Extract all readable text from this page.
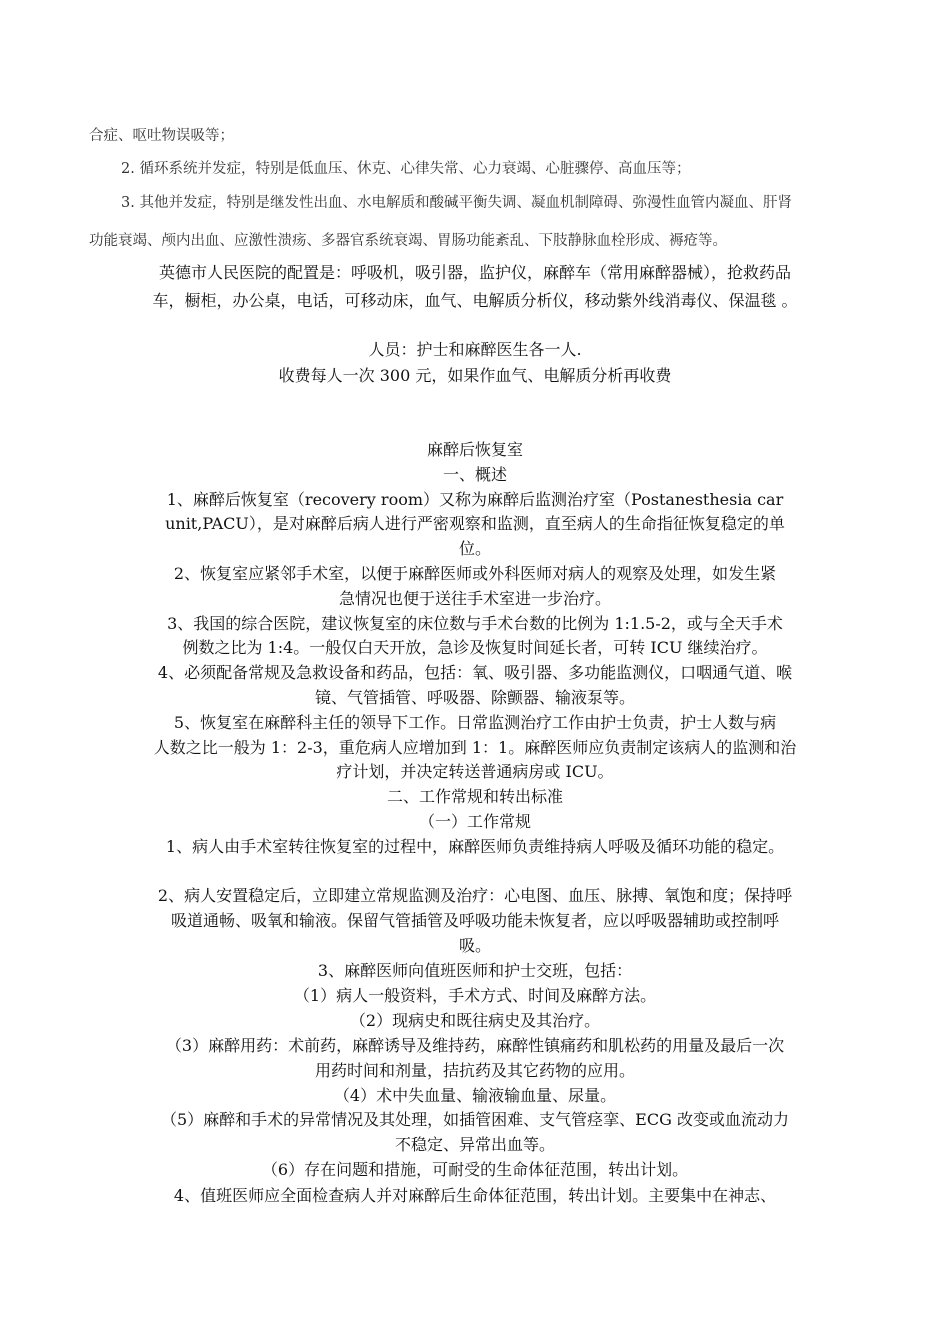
合症、呕吐物误吸等；
2. 循环系统并发症，特别是低血压、休克、心律失常、心力衰竭、心脏骤停、高血压等；
3. 其他并发症，特别是继发性出血、水电解质和酸碱平衡失调、凝血机制障碍、弥漫性血管内凝血、肝肾
功能衰竭、颅内出血、应激性溃疡、多器官系统衰竭、胃肠功能紊乱、下肢静脉血栓形成、褥疮等。
英德市人民医院的配置是：呼吸机，吸引器，监护仪，麻醉车（常用麻醉器械），抢救药品
车，橱柜，办公桌，电话，可移动床，血气、电解质分析仪，移动紫外线消毒仪、保温毯 。
人员：护士和麻醉医生各一人.
收费每人一次 300 元，如果作血气、电解质分析再收费
麻醉后恢复室
一、概述
1、麻醉后恢复室（recovery room）又称为麻醉后监测治疗室（Postanesthesia car
unit,PACU），是对麻醉后病人进行严密观察和监测，直至病人的生命指征恢复稳定的单
位。
2、恢复室应紧邻手术室，以便于麻醉医师或外科医师对病人的观察及处理，如发生紧
急情况也便于送往手术室进一步治疗。
3、我国的综合医院，建议恢复室的床位数与手术台数的比例为 1:1.5-2，或与全天手术
例数之比为 1:4。一般仅白天开放，急诊及恢复时间延长者，可转 ICU 继续治疗。
4、必须配备常规及急救设备和药品，包括：氧、吸引器、多功能监测仪，口咽通气道、喉
镜、气管插管、呼吸器、除颤器、输液泵等。
5、恢复室在麻醉科主任的领导下工作。日常监测治疗工作由护士负责，护士人数与病
人数之比一般为 1：2-3，重危病人应增加到 1：1。麻醉医师应负责制定该病人的监测和治
疗计划，并决定转送普通病房或 ICU。
二、工作常规和转出标准
（一）工作常规
1、病人由手术室转往恢复室的过程中，麻醉医师负责维持病人呼吸及循环功能的稳定。
2、病人安置稳定后，立即建立常规监测及治疗：心电图、血压、脉搏、氧饱和度；保持呼
吸道通畅、吸氧和输液。保留气管插管及呼吸功能未恢复者，应以呼吸器辅助或控制呼
吸。
3、麻醉医师向值班医师和护士交班，包括：
（1）病人一般资料，手术方式、时间及麻醉方法。
（2）现病史和既往病史及其治疗。
（3）麻醉用药：术前药，麻醉诱导及维持药，麻醉性镇痛药和肌松药的用量及最后一次
用药时间和剂量，拮抗药及其它药物的应用。
（4）术中失血量、输液输血量、尿量。
（5）麻醉和手术的异常情况及其处理，如插管困难、支气管痉挛、ECG 改变或血流动力
不稳定、异常出血等。
（6）存在问题和措施，可耐受的生命体征范围，转出计划。
4、值班医师应全面检查病人并对麻醉后生命体征范围，转出计划。主要集中在神志、
